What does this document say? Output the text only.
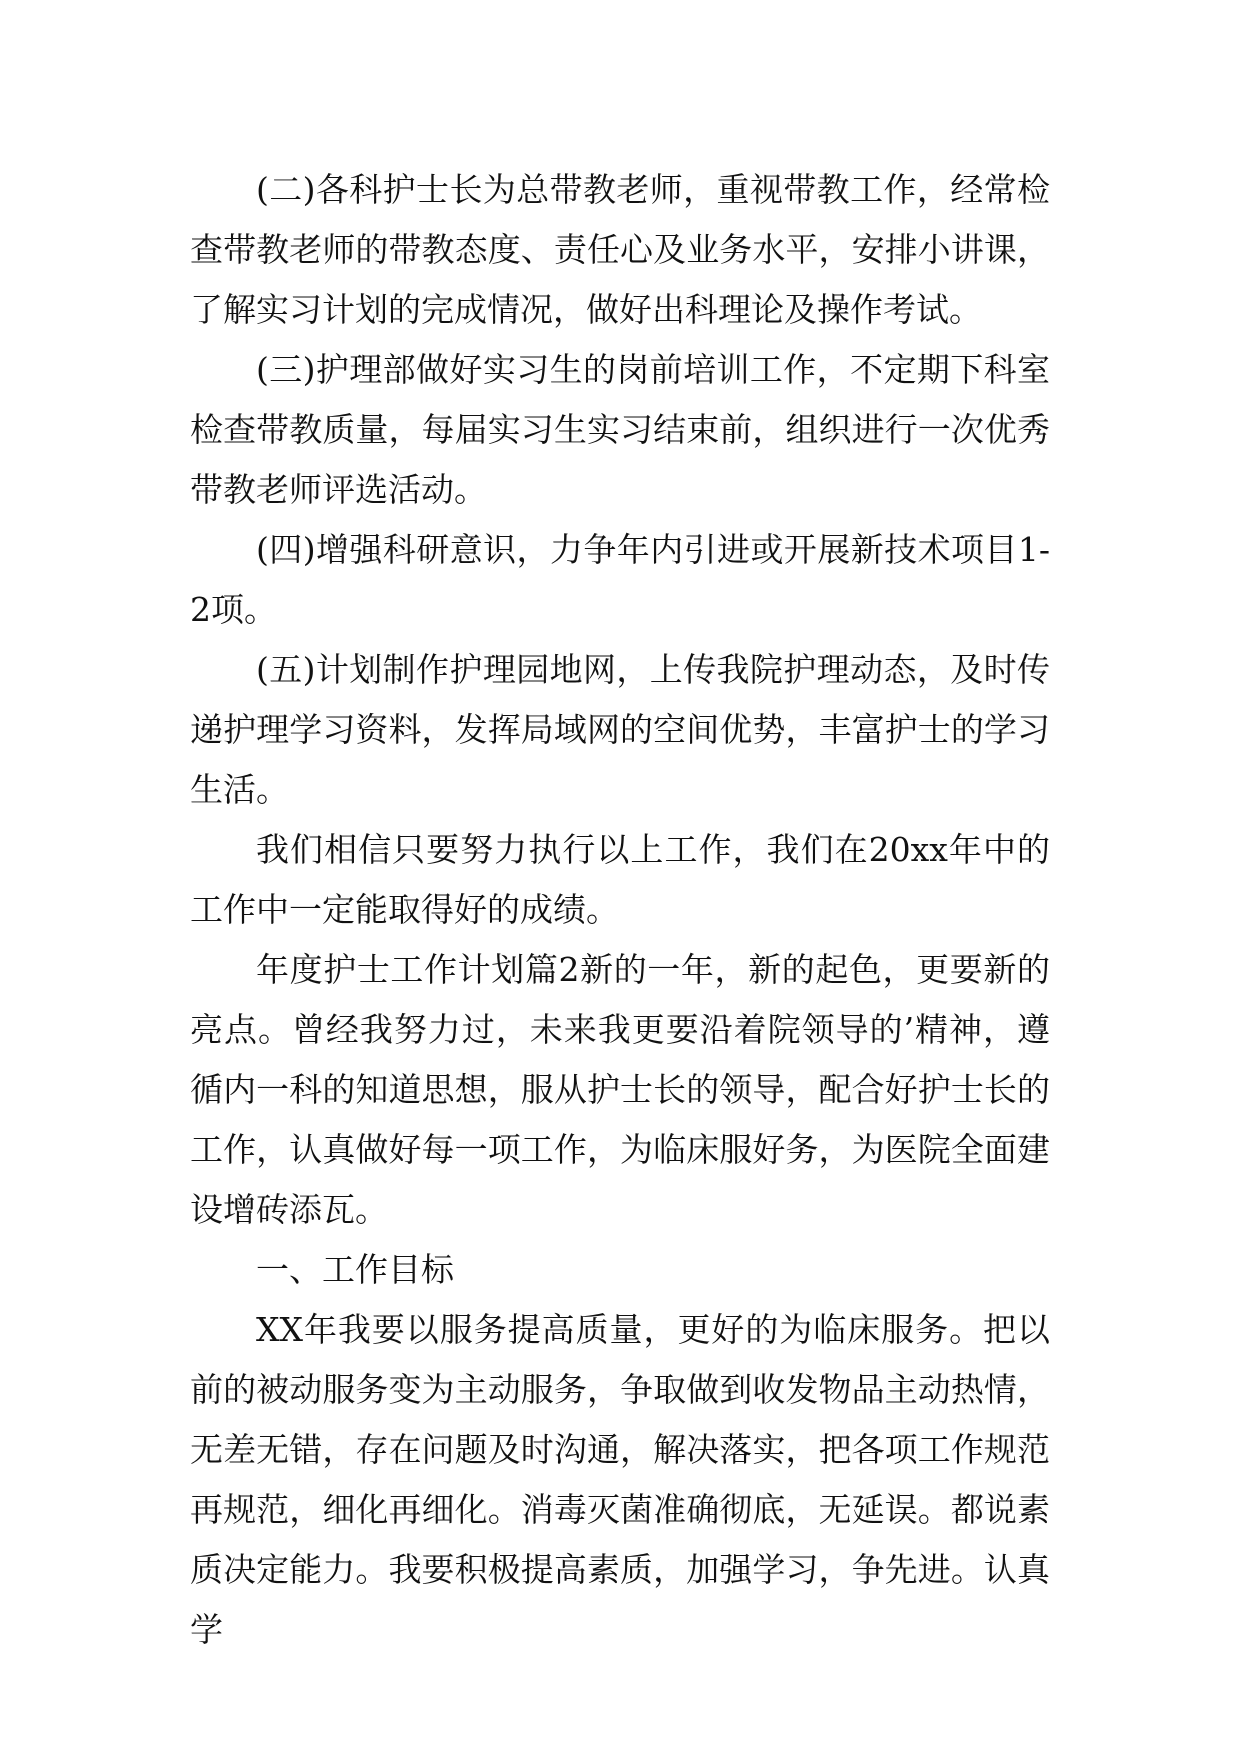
(二)各科护士长为总带教老师，重视带教工作，经常检查带教老师的带教态度、责任心及业务水平，安排小讲课，了解实习计划的完成情况，做好出科理论及操作考试。

(三)护理部做好实习生的岗前培训工作，不定期下科室检查带教质量，每届实习生实习结束前，组织进行一次优秀带教老师评选活动。

(四)增强科研意识，力争年内引进或开展新技术项目1-2项。

(五)计划制作护理园地网，上传我院护理动态，及时传递护理学习资料，发挥局域网的空间优势，丰富护士的学习生活。

我们相信只要努力执行以上工作，我们在20xx年中的工作中一定能取得好的成绩。

年度护士工作计划篇2新的一年，新的起色，更要新的亮点。曾经我努力过，未来我更要沿着院领导的’精神，遵循内一科的知道思想，服从护士长的领导，配合好护士长的工作，认真做好每一项工作，为临床服好务，为医院全面建设增砖添瓦。

一、工作目标

XX年我要以服务提高质量，更好的为临床服务。把以前的被动服务变为主动服务，争取做到收发物品主动热情，无差无错，存在问题及时沟通，解决落实，把各项工作规范再规范，细化再细化。消毒灭菌准确彻底，无延误。都说素质决定能力。我要积极提高素质，加强学习，争先进。认真学
